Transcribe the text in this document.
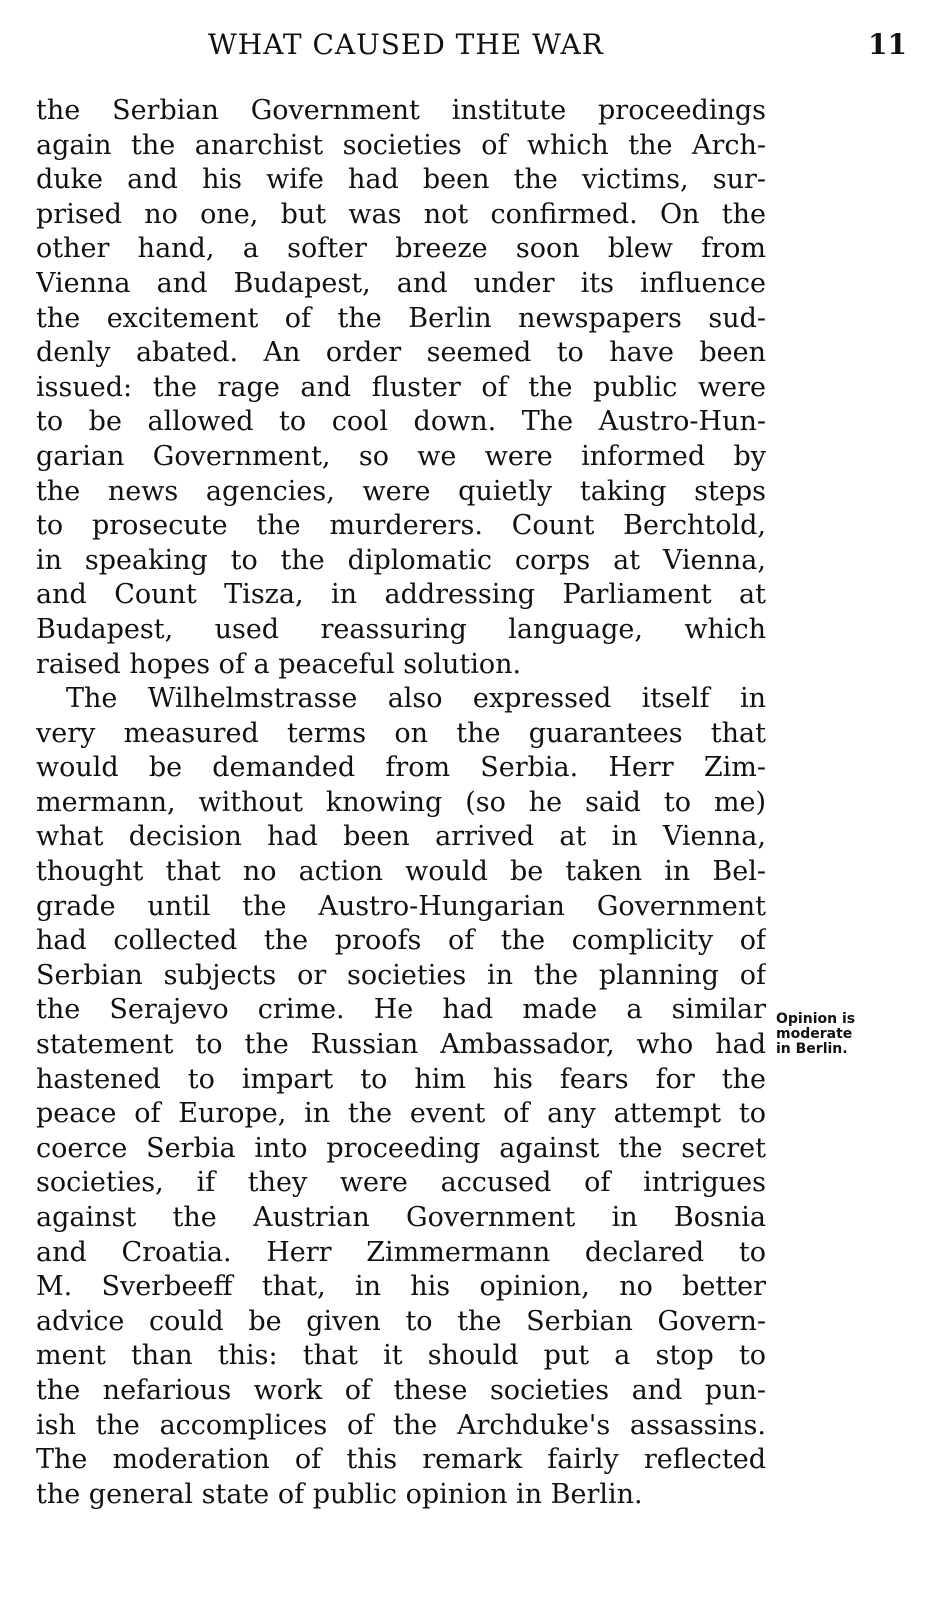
WHAT CAUSED THE WAR	11
the Serbian Government institute proceedings
again the anarchist societies of which the Arch-
duke and his wife had been the victims, sur-
prised no one, but was not confirmed. On the
other hand, a softer breeze soon blew from
Vienna and Budapest, and under its influence
the excitement of the Berlin newspapers sud-
denly abated. An order seemed to have been
issued: the rage and fluster of the public were
to be allowed to cool down. The Austro-Hun-
garian Government, so we were informed by
the news agencies, were quietly taking steps
to prosecute the murderers. Count Berchtold,
in speaking to the diplomatic corps at Vienna,
and Count Tisza, in addressing Parliament at
Budapest, used reassuring language, which
raised hopes of a peaceful solution.
The Wilhelmstrasse also expressed itself in
very measured terms on the guarantees that
would be demanded from Serbia. Herr Zim-
mermann, without knowing (so he said to me)
what decision had been arrived at in Vienna,
thought that no action would be taken in Bel-
grade until the Austro-Hungarian Government
had collected the proofs of the complicity of
Serbian subjects or societies in the planning of
the Serajevo crime. He had made a similar
statement to the Russian Ambassador, who had
hastened to impart to him his fears for the
peace of Europe, in the event of any attempt to
coerce Serbia into proceeding against the secret
societies, if they were accused of intrigues
against the Austrian Government in Bosnia
and Croatia. Herr Zimmermann declared to
M. Sverbeeff that, in his opinion, no better
advice could be given to the Serbian Govern-
ment than this: that it should put a stop to
the nefarious work of these societies and pun-
ish the accomplices of the Archduke's assassins.
The moderation of this remark fairly reflected
the general state of public opinion in Berlin.
Opinion is
moderate
in Berlin.
